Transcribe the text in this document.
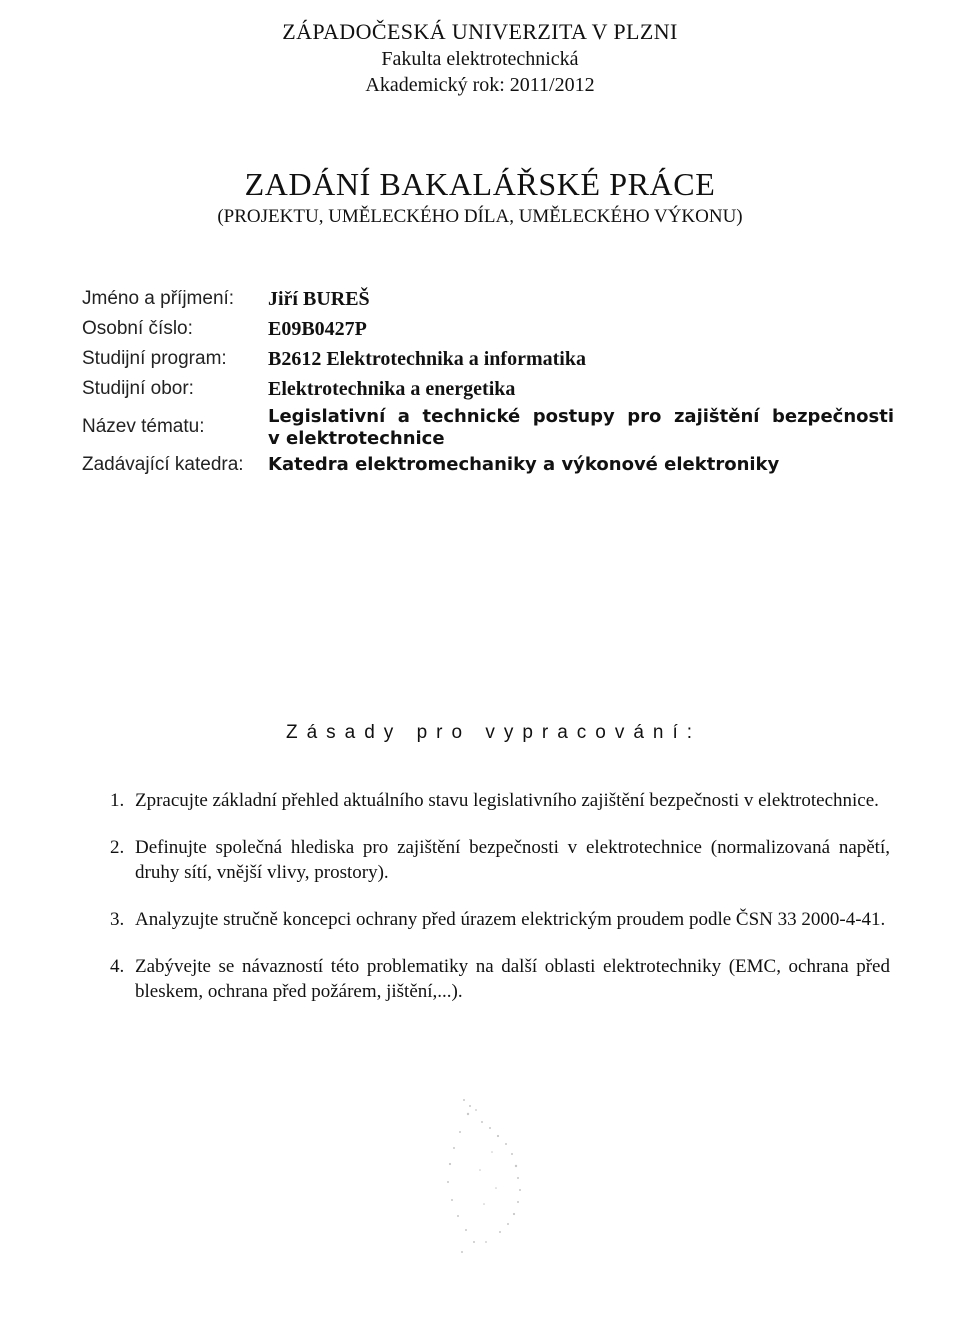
ZÁPADOČESKÁ UNIVERZITA V PLZNI
Fakulta elektrotechnická
Akademický rok: 2011/2012
ZADÁNÍ BAKALÁŘSKÉ PRÁCE
(PROJEKTU, UMĚLECKÉHO DÍLA, UMĚLECKÉHO VÝKONU)
Jméno a příjmení:	Jiří BUREŠ
Osobní číslo:	E09B0427P
Studijní program:	B2612 Elektrotechnika a informatika
Studijní obor:	Elektrotechnika a energetika
Název tématu:	Legislativní a technické postupy pro zajištění bezpečnosti
v elektrotechnice
Zadávající katedra:	Katedra elektromechaniky a výkonové elektroniky
Zásady pro vypracování:
1. Zpracujte základní přehled aktuálního stavu legislativního zajištění bezpečnosti v elektrotechnice.
2. Definujte společná hlediska pro zajištění bezpečnosti v elektrotechnice (normalizovaná napětí, druhy sítí, vnější vlivy, prostory).
3. Analyzujte stručně koncepci ochrany před úrazem elektrickým proudem podle ČSN 33 2000-4-41.
4. Zabývejte se návazností této problematiky na další oblasti elektrotechniky (EMC, ochrana před bleskem, ochrana před požárem, jištění,...).
